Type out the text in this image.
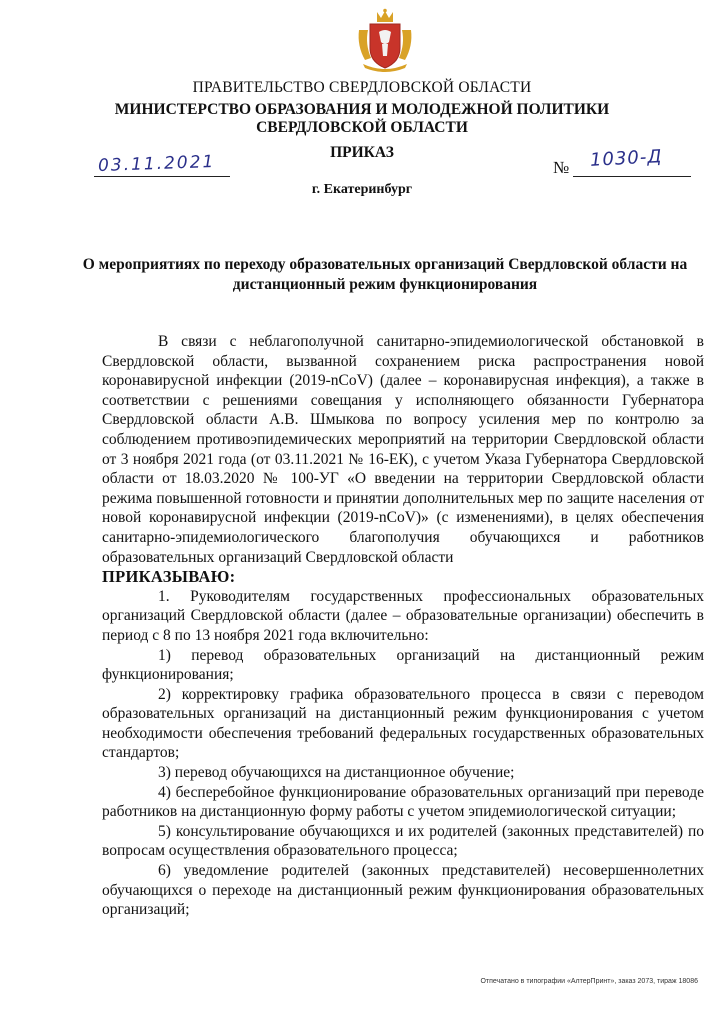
ПРАВИТЕЛЬСТВО СВЕРДЛОВСКОЙ ОБЛАСТИ
МИНИСТЕРСТВО ОБРАЗОВАНИЯ И МОЛОДЕЖНОЙ ПОЛИТИКИ
СВЕРДЛОВСКОЙ ОБЛАСТИ
ПРИКАЗ
03.11.2021	№ 1030-Д
г. Екатеринбург
О мероприятиях по переходу образовательных организаций Свердловской области на дистанционный режим функционирования

В связи с неблагополучной санитарно-эпидемиологической обстановкой в Свердловской области, вызванной сохранением риска распространения новой коронавирусной инфекции (2019-nCoV) (далее – коронавирусная инфекция), а также в соответствии с решениями совещания у исполняющего обязанности Губернатора Свердловской области А.В. Шмыкова по вопросу усиления мер по контролю за соблюдением противоэпидемических мероприятий на территории Свердловской области от 3 ноября 2021 года (от 03.11.2021 № 16-ЕК), с учетом Указа Губернатора Свердловской области от 18.03.2020 № 100-УГ «О введении на территории Свердловской области режима повышенной готовности и принятии дополнительных мер по защите населения от новой коронавирусной инфекции (2019-nCoV)» (с изменениями), в целях обеспечения санитарно-эпидемиологического благополучия обучающихся и работников образовательных организаций Свердловской области

ПРИКАЗЫВАЮ:

1. Руководителям государственных профессиональных образовательных организаций Свердловской области (далее – образовательные организации) обеспечить в период с 8 по 13 ноября 2021 года включительно:

1) перевод образовательных организаций на дистанционный режим функционирования;

2) корректировку графика образовательного процесса в связи с переводом образовательных организаций на дистанционный режим функционирования с учетом необходимости обеспечения требований федеральных государственных образовательных стандартов;

3) перевод обучающихся на дистанционное обучение;

4) бесперебойное функционирование образовательных организаций при переводе работников на дистанционную форму работы с учетом эпидемиологической ситуации;

5) консультирование обучающихся и их родителей (законных представителей) по вопросам осуществления образовательного процесса;

6) уведомление родителей (законных представителей) несовершеннолетних обучающихся о переходе на дистанционный режим функционирования образовательных организаций;

Отпечатано в типографии «АлтерПринт», заказ 2073, тираж 18086
